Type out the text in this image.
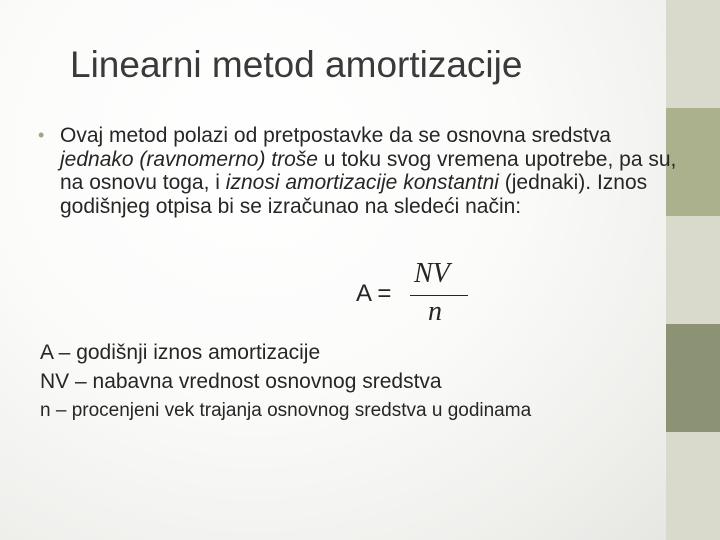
Linearni metod amortizacije
• Ovaj metod polazi od pretpostavke da se osnovna sredstva jednako (ravnomerno) troše u toku svog vremena upotrebe, pa su, na osnovu toga, i iznosi amortizacije konstantni (jednaki). Iznos godišnjeg otpisa bi se izračunao na sledeći način:
A =
NV
n
A – godišnji iznos amortizacije
NV – nabavna vrednost osnovnog sredstva
n – procenjeni vek trajanja osnovnog sredstva u godinama
